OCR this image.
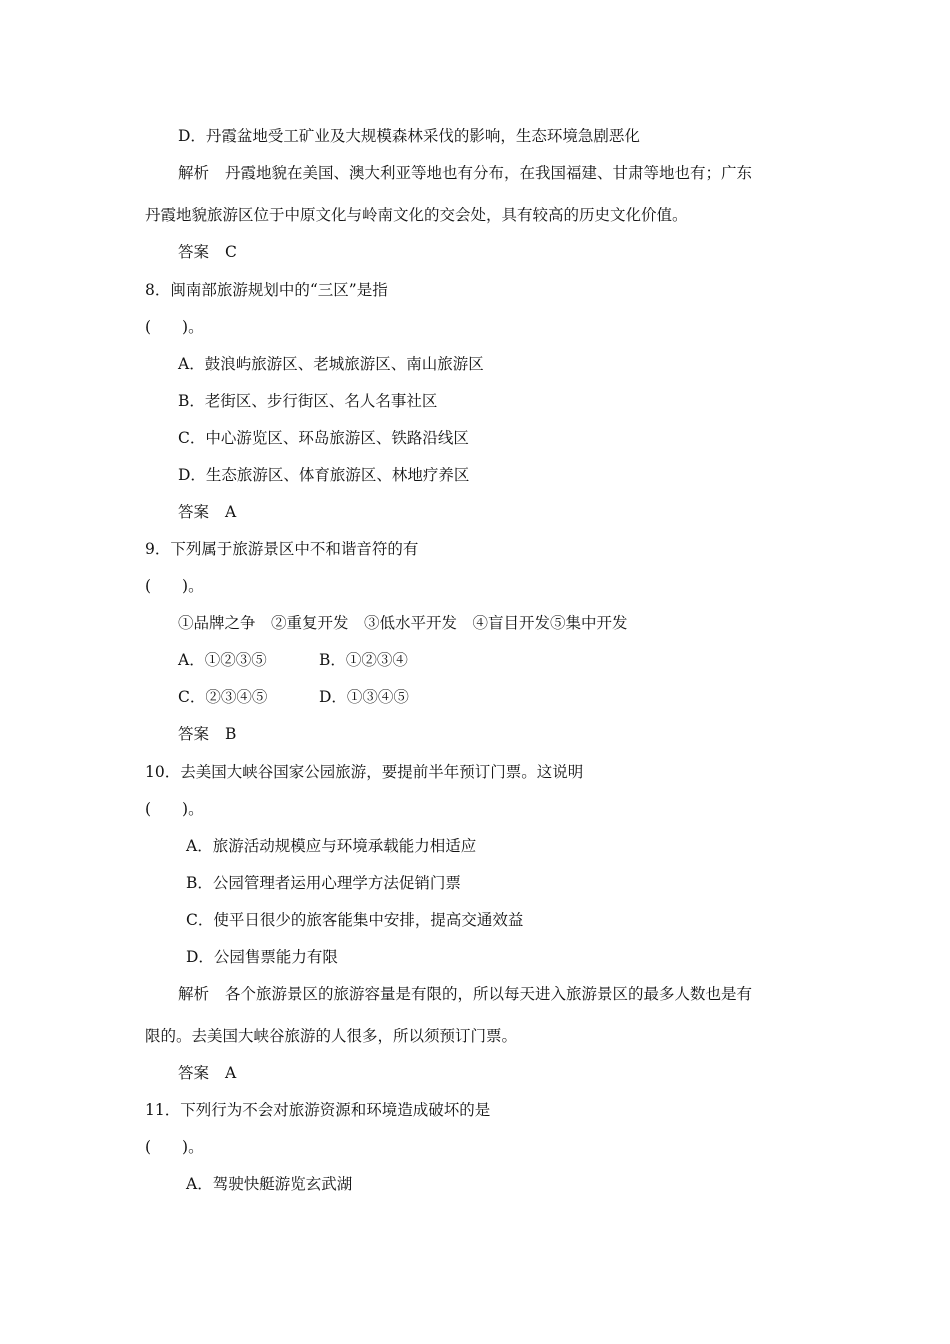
D．丹霞盆地受工矿业及大规模森林采伐的影响，生态环境急剧恶化
解析 丹霞地貌在美国、澳大利亚等地也有分布，在我国福建、甘肃等地也有；广东
丹霞地貌旅游区位于中原文化与岭南文化的交会处，具有较高的历史文化价值。
答案 C
8．闽南部旅游规划中的“三区”是指
(　　)。
A．鼓浪屿旅游区、老城旅游区、南山旅游区
B．老街区、步行街区、名人名事社区
C．中心游览区、环岛旅游区、铁路沿线区
D．生态旅游区、体育旅游区、林地疗养区
答案 A
9．下列属于旅游景区中不和谐音符的有
(　　)。
①品牌之争　②重复开发　③低水平开发　④盲目开发⑤集中开发
A．①②③⑤	B．①②③④
C．②③④⑤	D．①③④⑤
答案 B
10．去美国大峡谷国家公园旅游，要提前半年预订门票。这说明
(　　)。
A．旅游活动规模应与环境承载能力相适应
B．公园管理者运用心理学方法促销门票
C．使平日很少的旅客能集中安排，提高交通效益
D．公园售票能力有限
解析 各个旅游景区的旅游容量是有限的，所以每天进入旅游景区的最多人数也是有
限的。去美国大峡谷旅游的人很多，所以须预订门票。
答案 A
11．下列行为不会对旅游资源和环境造成破坏的是
(　　)。
A．驾驶快艇游览玄武湖
